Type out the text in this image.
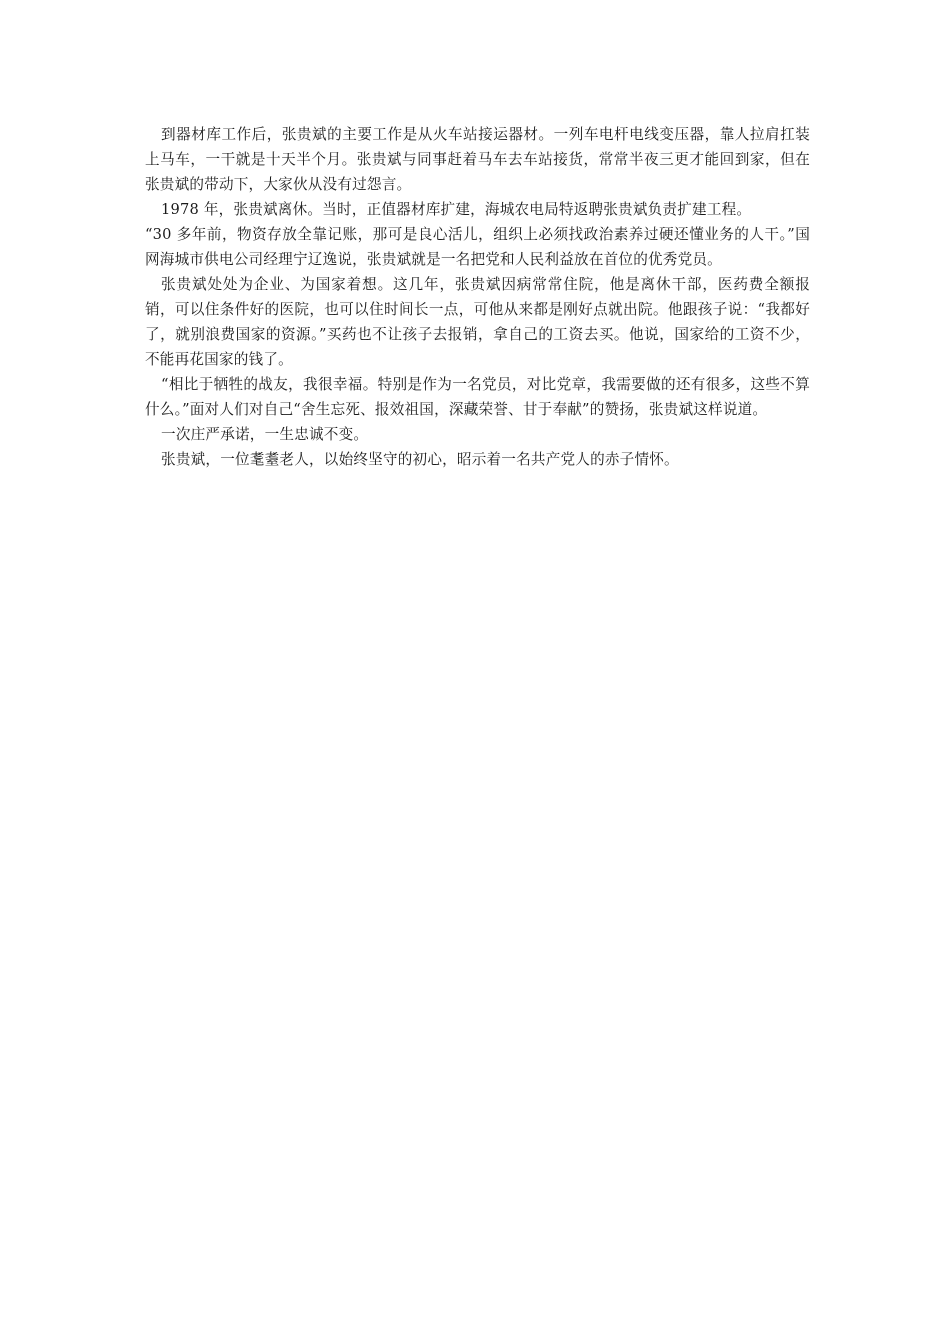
到器材库工作后，张贵斌的主要工作是从火车站接运器材。一列车电杆电线变压器，靠人拉肩扛装上马车，一干就是十天半个月。张贵斌与同事赶着马车去车站接货，常常半夜三更才能回到家，但在张贵斌的带动下，大家伙从没有过怨言。

1978 年，张贵斌离休。当时，正值器材库扩建，海城农电局特返聘张贵斌负责扩建工程。

“30 多年前，物资存放全靠记账，那可是良心活儿，组织上必须找政治素养过硬还懂业务的人干。”国网海城市供电公司经理宁辽逸说，张贵斌就是一名把党和人民利益放在首位的优秀党员。

张贵斌处处为企业、为国家着想。这几年，张贵斌因病常常住院，他是离休干部，医药费全额报销，可以住条件好的医院，也可以住时间长一点，可他从来都是刚好点就出院。他跟孩子说：“我都好了，就别浪费国家的资源。”买药也不让孩子去报销，拿自己的工资去买。他说，国家给的工资不少，不能再花国家的钱了。

“相比于牺牲的战友，我很幸福。特别是作为一名党员，对比党章，我需要做的还有很多，这些不算什么。”面对人们对自己“舍生忘死、报效祖国，深藏荣誉、甘于奉献”的赞扬，张贵斌这样说道。

一次庄严承诺，一生忠诚不变。

张贵斌，一位耄耋老人，以始终坚守的初心，昭示着一名共产党人的赤子情怀。
